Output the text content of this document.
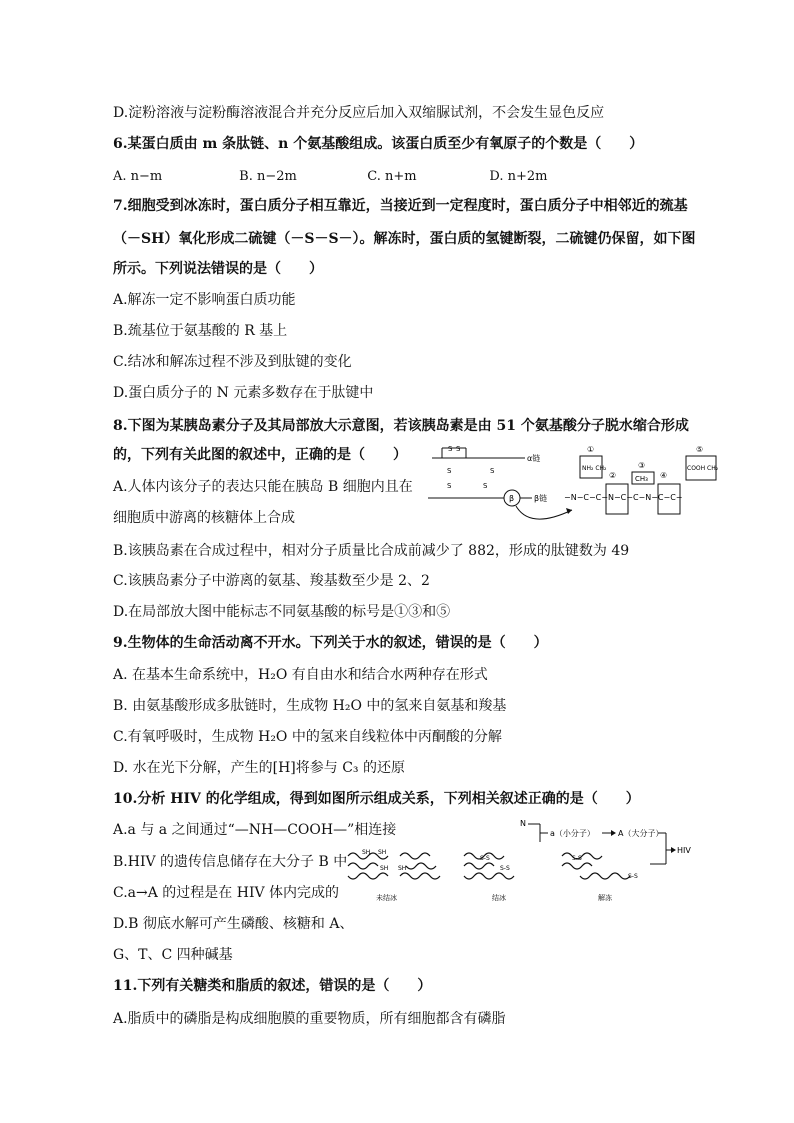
D.淀粉溶液与淀粉酶溶液混合并充分反应后加入双缩脲试剂，不会发生显色反应
6.某蛋白质由 m 条肽链、n 个氨基酸组成。该蛋白质至少有氧原子的个数是（　　）
A. n−m	B. n−2m	C. n+m	D. n+2m
7.细胞受到冰冻时，蛋白质分子相互靠近，当接近到一定程度时，蛋白质分子中相邻近的巯基
（－SH）氧化形成二硫键（－S－S－）。解冻时，蛋白质的氢键断裂，二硫键仍保留，如下图
所示。下列说法错误的是（　　）
A.解冻一定不影响蛋白质功能
B.巯基位于氨基酸的 R 基上
C.结冰和解冻过程不涉及到肽键的变化
D.蛋白质分子的 N 元素多数存在于肽键中
8.下图为某胰岛素分子及其局部放大示意图，若该胰岛素是由 51 个氨基酸分子脱水缩合形成
的，下列有关此图的叙述中，正确的是（　　）
A.人体内该分子的表达只能在胰岛 B 细胞内且在
细胞质中游离的核糖体上合成
B.该胰岛素在合成过程中，相对分子质量比合成前减少了 882，形成的肽键数为 49
C.该胰岛素分子中游离的氨基、羧基数至少是 2、2
D.在局部放大图中能标志不同氨基酸的标号是①③和⑤
9.生物体的生命活动离不开水。下列关于水的叙述，错误的是（　　）
A. 在基本生命系统中，H₂O 有自由水和结合水两种存在形式
B. 由氨基酸形成多肽链时，生成物 H₂O 中的氢来自氨基和羧基
C.有氧呼吸时，生成物 H₂O 中的氢来自线粒体中丙酮酸的分解
D. 水在光下分解，产生的[H]将参与 C₃ 的还原
10.分析 HIV 的化学组成，得到如图所示组成关系，下列相关叙述正确的是（　　）
A.a 与 a 之间通过“—NH—COOH—”相连接
B.HIV 的遗传信息储存在大分子 B 中
C.a→A 的过程是在 HIV 体内完成的
D.B 彻底水解可产生磷酸、核糖和 A、
G、T、C 四种碱基
11.下列有关糖类和脂质的叙述，错误的是（　　）
A.脂质中的磷脂是构成细胞膜的重要物质，所有细胞都含有磷脂
S S
α链
S
S
S
S
β β链
①
NH₂ CH₂
②
③
CH₃ ④
⑤
COOH CH₂
−N−C−C−N−C−C−N−C−C−
N
a（小分子）	A（大分子）
HIV
SH SH
SH SH
未结冰
S-S
S-S
结冰
S-S
S-S
解冻
